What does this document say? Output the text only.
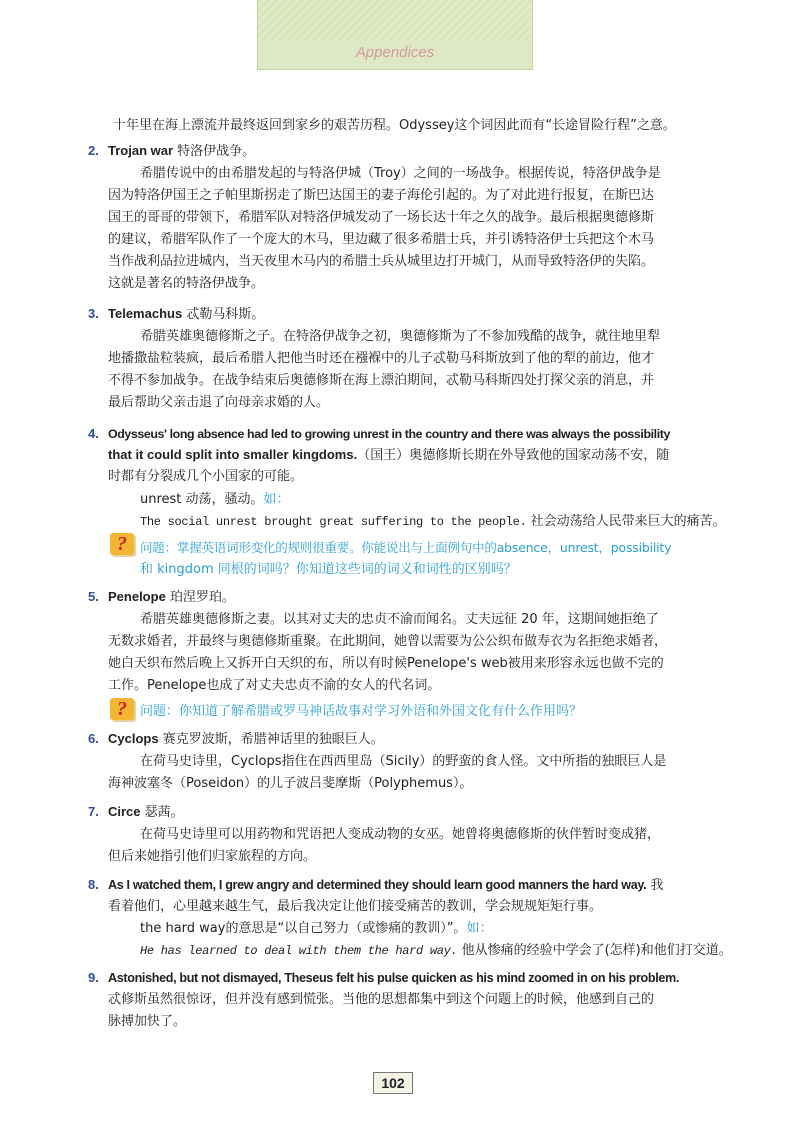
Appendices
十年里在海上漂流并最终返回到家乡的艰苦历程。Odyssey这个词因此而有“长途冒险行程”之意。
2. Trojan war 特洛伊战争。
希腊传说中的由希腊发起的与特洛伊城（Troy）之间的一场战争。根据传说，特洛伊战争是
因为特洛伊国王之子帕里斯拐走了斯巴达国王的妻子海伦引起的。为了对此进行报复，在斯巴达
国王的哥哥的带领下，希腊军队对特洛伊城发动了一场长达十年之久的战争。最后根据奥德修斯
的建议，希腊军队作了一个庞大的木马，里边藏了很多希腊士兵，并引诱特洛伊士兵把这个木马
当作战利品拉进城内，当天夜里木马内的希腊士兵从城里边打开城门，从而导致特洛伊的失陷。
这就是著名的特洛伊战争。
3. Telemachus 忒勒马科斯。
希腊英雄奥德修斯之子。在特洛伊战争之初，奥德修斯为了不参加残酷的战争，就往地里犁
地播撒盐粒装疯，最后希腊人把他当时还在襁褓中的儿子忒勒马科斯放到了他的犁的前边，他才
不得不参加战争。在战争结束后奥德修斯在海上漂泊期间，忒勒马科斯四处打探父亲的消息，并
最后帮助父亲击退了向母亲求婚的人。
4. Odysseus' long absence had led to growing unrest in the country and there was always the possibility
that it could split into smaller kingdoms.（国王）奥德修斯长期在外导致他的国家动荡不安，随
时都有分裂成几个小国家的可能。
unrest 动荡，骚动。如：
The social unrest brought great suffering to the people. 社会动荡给人民带来巨大的痛苦。
?	问题：掌握英语词形变化的规则很重要。你能说出与上面例句中的absence，unrest，possibility
和 kingdom 同根的词吗？你知道这些词的词义和词性的区别吗？
5. Penelope 珀涅罗珀。
希腊英雄奥德修斯之妻。以其对丈夫的忠贞不渝而闻名。丈夫远征 20 年，这期间她拒绝了
无数求婚者，并最终与奥德修斯重聚。在此期间，她曾以需要为公公织布做寿衣为名拒绝求婚者，
她白天织布然后晚上又拆开白天织的布，所以有时候Penelope's web被用来形容永远也做不完的
工作。Penelope也成了对丈夫忠贞不渝的女人的代名词。
?	问题：你知道了解希腊或罗马神话故事对学习外语和外国文化有什么作用吗？
6. Cyclops 赛克罗波斯，希腊神话里的独眼巨人。
在荷马史诗里，Cyclops指住在西西里岛（Sicily）的野蛮的食人怪。文中所指的独眼巨人是
海神波塞冬（Poseidon）的儿子波吕斐摩斯（Polyphemus）。
7. Circe 瑟茜。
在荷马史诗里可以用药物和咒语把人变成动物的女巫。她曾将奥德修斯的伙伴暂时变成猪，
但后来她指引他们归家旅程的方向。
8. As I watched them, I grew angry and determined they should learn good manners the hard way. 我
看着他们，心里越来越生气，最后我决定让他们接受痛苦的教训，学会规规矩矩行事。
the hard way的意思是“以自己努力（或惨痛的教训）”。如：
He has learned to deal with them the hard way. 他从惨痛的经验中学会了(怎样)和他们打交道。
9. Astonished, but not dismayed, Theseus felt his pulse quicken as his mind zoomed in on his problem.
忒修斯虽然很惊讶，但并没有感到慌张。当他的思想都集中到这个问题上的时候，他感到自己的
脉搏加快了。
102
